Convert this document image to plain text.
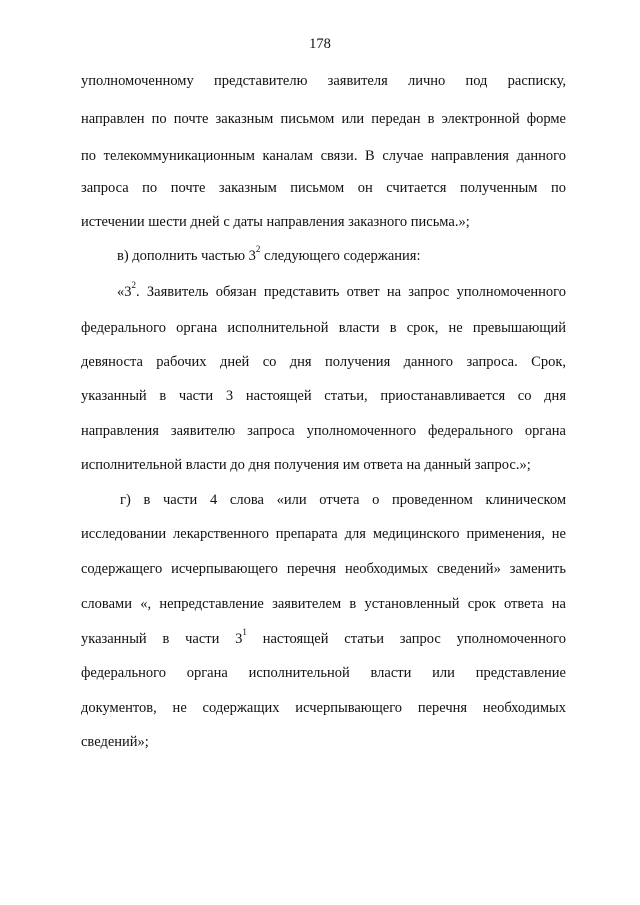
178
уполномоченному представителю заявителя лично под расписку,
направлен по почте заказным письмом или передан в электронной форме
по телекоммуникационным каналам связи. В случае направления данного
запроса по почте заказным письмом он считается полученным по
истечении шести дней с даты направления заказного письма.»;
в) дополнить частью $3^2$ следующего содержания:
«$3^2$. Заявитель обязан представить ответ на запрос уполномоченного
федерального органа исполнительной власти в срок, не превышающий
девяноста рабочих дней со дня получения данного запроса. Срок,
указанный в части 3 настоящей статьи, приостанавливается со дня
направления заявителю запроса уполномоченного федерального органа
исполнительной власти до дня получения им ответа на данный запрос.»;
г) в части 4 слова «или отчета о проведенном клиническом
исследовании лекарственного препарата для медицинского применения, не
содержащего исчерпывающего перечня необходимых сведений» заменить
словами «, непредставление заявителем в установленный срок ответа на
указанный в части $3^1$ настоящей статьи запрос уполномоченного
федерального органа исполнительной власти или представление
документов, не содержащих исчерпывающего перечня необходимых
сведений»;
